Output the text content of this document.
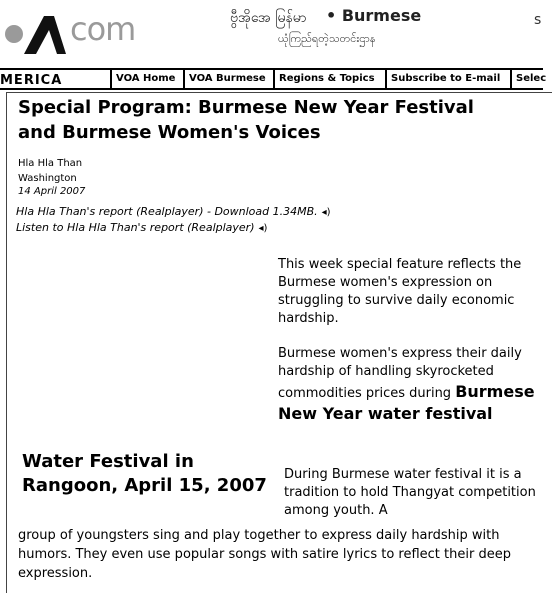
com	ဗွီအိုအေ မြန်မာ • Burmese
ယုံကြည်ရတဲ့သတင်းဌာန
s
MERICA	VOA Home	VOA Burmese	Regions & Topics	Subscribe to E-mail	Selec
Special Program: Burmese New Year Festival and Burmese Women's Voices
Hla Hla Than
Washington
14 April 2007
Hla Hla Than's report (Realplayer) - Download 1.34MB. ◂)
Listen to Hla Hla Than's report (Realplayer) ◂)

This week special feature reflects the Burmese women's expression on struggling to survive daily economic hardship.

Burmese women's express their daily hardship of handling skyrocketed commodities prices during Burmese New Year water festival

Water Festival in Rangoon, April 15, 2007

During Burmese water festival it is a tradition to hold Thangyat competition among youth. A

group of youngsters sing and play together to express daily hardship with humors. They even use popular songs with satire lyrics to reflect their deep expression.
